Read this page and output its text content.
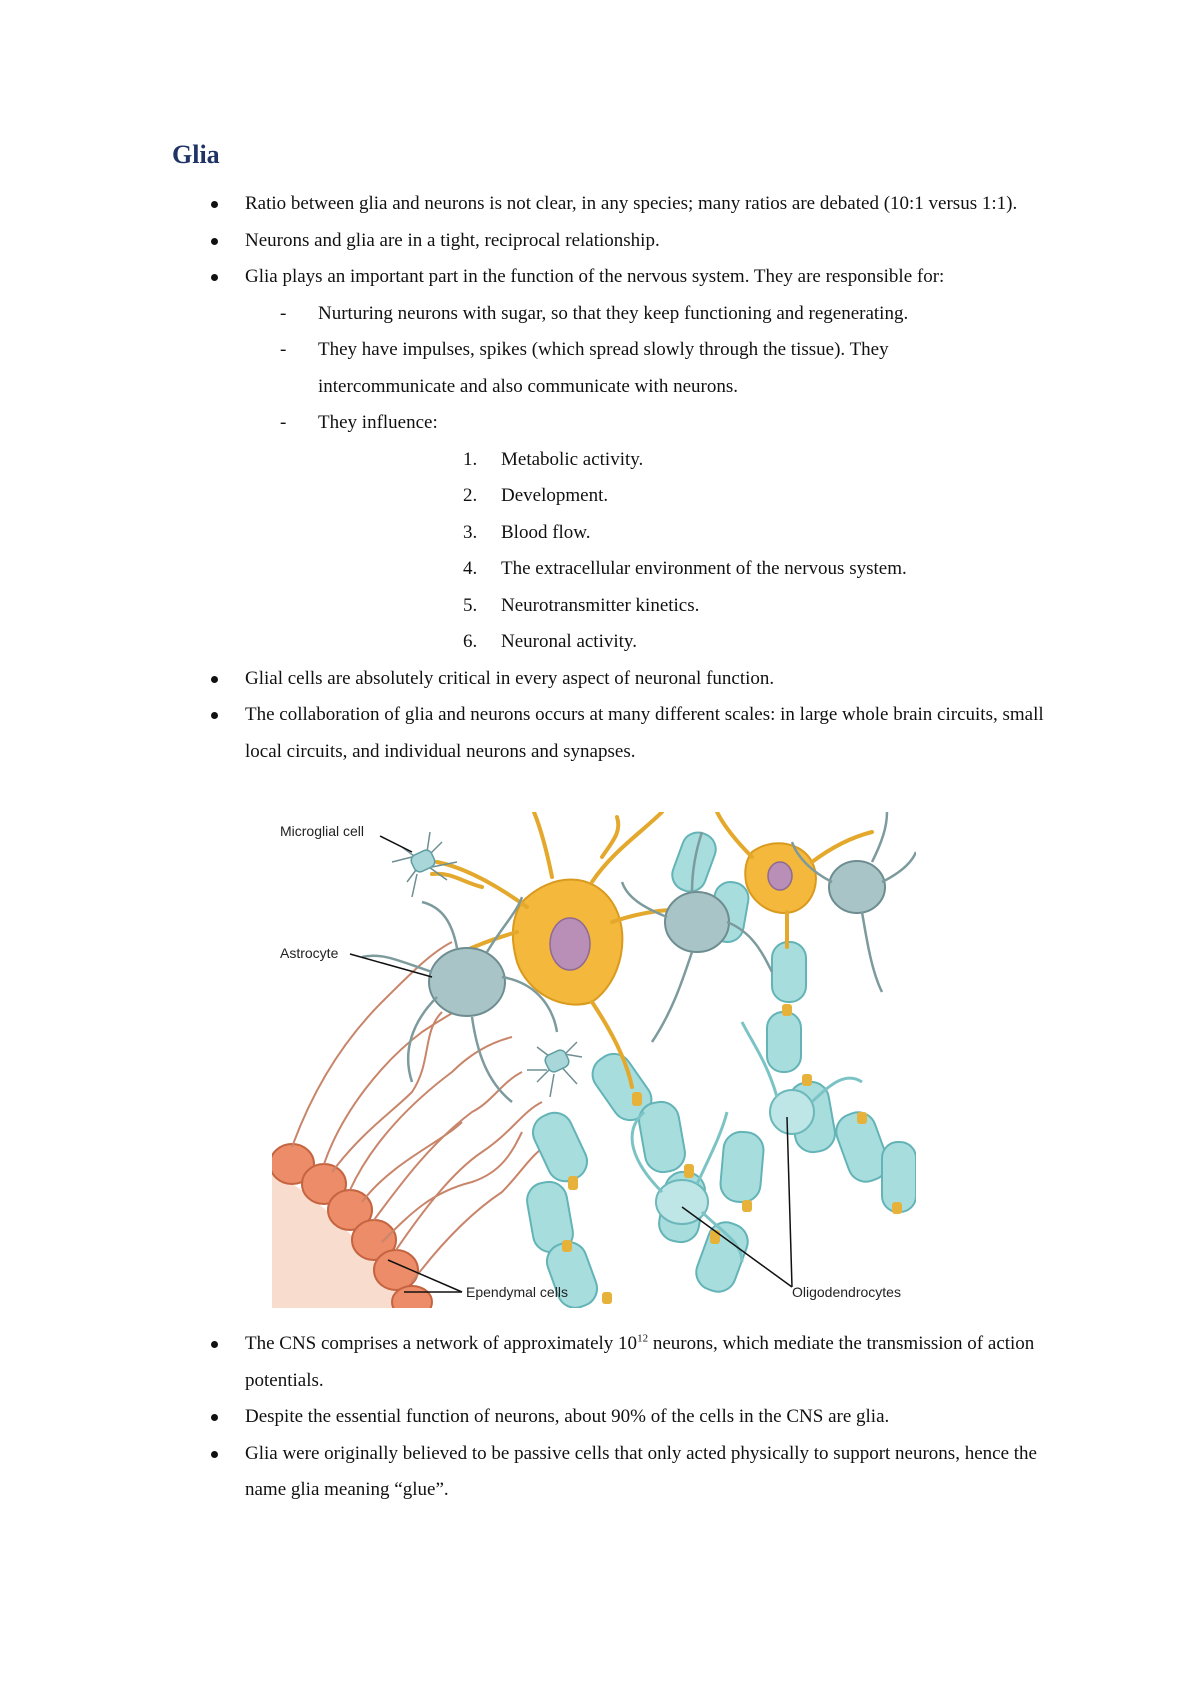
Glia
Ratio between glia and neurons is not clear, in any species; many ratios are debated (10:1 versus 1:1).
Neurons and glia are in a tight, reciprocal relationship.
Glia plays an important part in the function of the nervous system. They are responsible for:
- Nurturing neurons with sugar, so that they keep functioning and regenerating.
- They have impulses, spikes (which spread slowly through the tissue). They intercommunicate and also communicate with neurons.
- They influence:
1. Metabolic activity.
2. Development.
3. Blood flow.
4. The extracellular environment of the nervous system.
5. Neurotransmitter kinetics.
6. Neuronal activity.
Glial cells are absolutely critical in every aspect of neuronal function.
The collaboration of glia and neurons occurs at many different scales: in large whole brain circuits, small local circuits, and individual neurons and synapses.
Microglial cell
Astrocyte
Ependymal cells	Oligodendrocytes
The CNS comprises a network of approximately $10^{12}$ neurons, which mediate the transmission of action potentials.
Despite the essential function of neurons, about 90% of the cells in the CNS are glia.
Glia were originally believed to be passive cells that only acted physically to support neurons, hence the name glia meaning “glue”.
